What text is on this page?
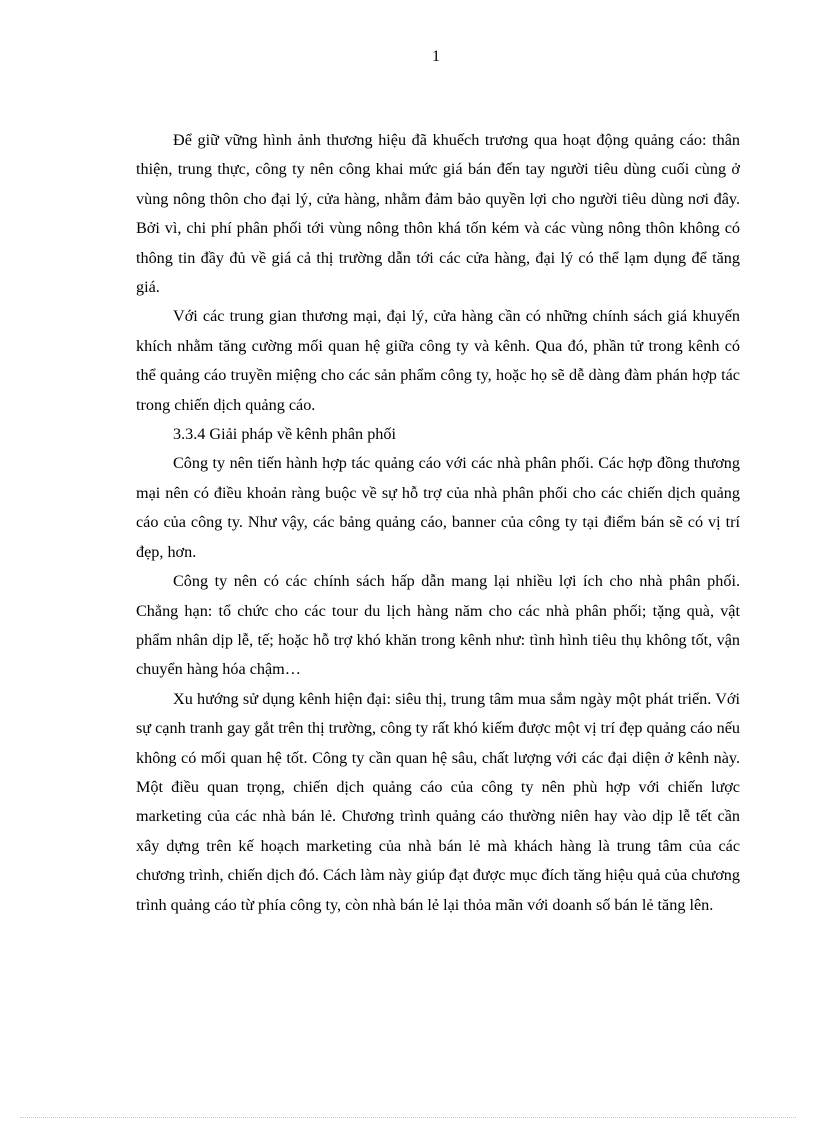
1

Để giữ vững hình ảnh thương hiệu đã khuếch trương qua hoạt động quảng cáo: thân thiện, trung thực, công ty nên công khai mức giá bán đến tay người tiêu dùng cuối cùng ở vùng nông thôn cho đại lý, cửa hàng, nhằm đảm bảo quyền lợi cho người tiêu dùng nơi đây. Bởi vì, chi phí phân phối tới vùng nông thôn khá tốn kém và các vùng nông thôn không có thông tin đầy đủ về giá cả thị trường dẫn tới các cửa hàng, đại lý có thể lạm dụng để tăng giá.

Với các trung gian thương mại, đại lý, cửa hàng cần có những chính sách giá khuyến khích nhằm tăng cường mối quan hệ giữa công ty và kênh. Qua đó, phần tử trong kênh có thể quảng cáo truyền miệng cho các sản phẩm công ty, hoặc họ sẽ dễ dàng đàm phán hợp tác trong chiến dịch quảng cáo.

3.3.4 Giải pháp về kênh phân phối

Công ty nên tiến hành hợp tác quảng cáo với các nhà phân phối. Các hợp đồng thương mại nên có điều khoản ràng buộc về sự hỗ trợ của nhà phân phối cho các chiến dịch quảng cáo của công ty. Như vậy, các bảng quảng cáo, banner của công ty tại điểm bán sẽ có vị trí đẹp, hơn.

Công ty nên có các chính sách hấp dẫn mang lại nhiều lợi ích cho nhà phân phối. Chẳng hạn: tổ chức cho các tour du lịch hàng năm cho các nhà phân phối; tặng quà, vật phẩm nhân dịp lễ, tế; hoặc hỗ trợ khó khăn trong kênh như: tình hình tiêu thụ không tốt, vận chuyển hàng hóa chậm…

Xu hướng sử dụng kênh hiện đại: siêu thị, trung tâm mua sắm ngày một phát triển. Với sự cạnh tranh gay gắt trên thị trường, công ty rất khó kiếm được một vị trí đẹp quảng cáo nếu không có mối quan hệ tốt. Công ty cần quan hệ sâu, chất lượng với các đại diện ở kênh này. Một điều quan trọng, chiến dịch quảng cáo của công ty nên phù hợp với chiến lược marketing của các nhà bán lẻ. Chương trình quảng cáo thường niên hay vào dịp lễ tết cần xây dựng trên kế hoạch marketing của nhà bán lẻ mà khách hàng là trung tâm của các chương trình, chiến dịch đó. Cách làm này giúp đạt được mục đích tăng hiệu quả của chương trình quảng cáo từ phía công ty, còn nhà bán lẻ lại thỏa mãn với doanh số bán lẻ tăng lên.
